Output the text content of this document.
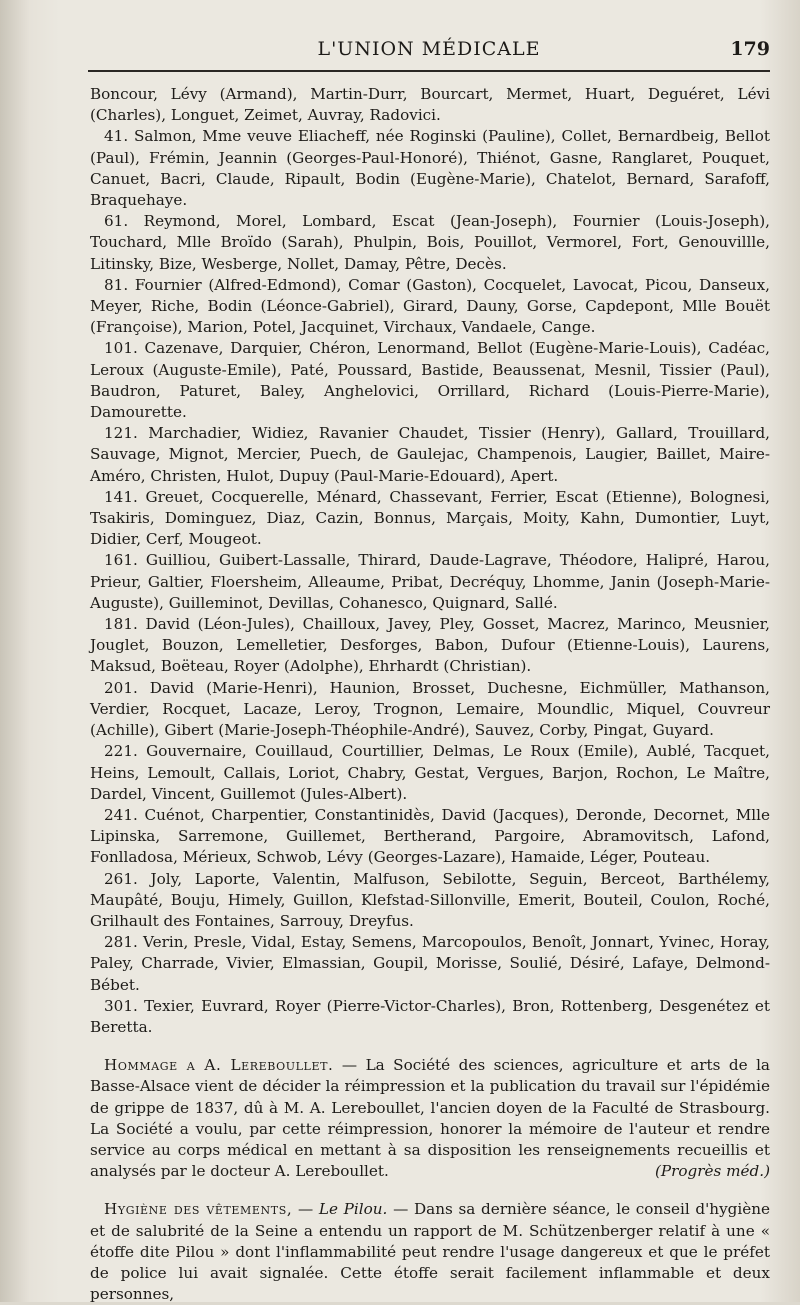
L'UNION MÉDICALE	179

Boncour, Lévy (Armand), Martin-Durr, Bourcart, Mermet, Huart, Deguéret, Lévi (Charles), Longuet, Zeimet, Auvray, Radovici.

41. Salmon, Mme veuve Eliacheff, née Roginski (Pauline), Collet, Bernardbeig, Bellot (Paul), Frémin, Jeannin (Georges-Paul-Honoré), Thiénot, Gasne, Ranglaret, Pouquet, Canuet, Bacri, Claude, Ripault, Bodin (Eugène-Marie), Chatelot, Bernard, Sarafoff, Braquehaye.

61. Reymond, Morel, Lombard, Escat (Jean-Joseph), Fournier (Louis-Joseph), Touchard, Mlle Broïdo (Sarah), Phulpin, Bois, Pouillot, Vermorel, Fort, Genouvillle, Litinsky, Bize, Wesberge, Nollet, Damay, Pêtre, Decès.

81. Fournier (Alfred-Edmond), Comar (Gaston), Cocquelet, Lavocat, Picou, Danseux, Meyer, Riche, Bodin (Léonce-Gabriel), Girard, Dauny, Gorse, Capdepont, Mlle Bouët (Françoise), Marion, Potel, Jacquinet, Virchaux, Vandaele, Cange.

101. Cazenave, Darquier, Chéron, Lenormand, Bellot (Eugène-Marie-Louis), Cadéac, Leroux (Auguste-Emile), Paté, Poussard, Bastide, Beaussenat, Mesnil, Tissier (Paul), Baudron, Paturet, Baley, Anghelovici, Orrillard, Richard (Louis-Pierre-Marie), Damourette.

121. Marchadier, Widiez, Ravanier Chaudet, Tissier (Henry), Gallard, Trouillard, Sauvage, Mignot, Mercier, Puech, de Gaulejac, Champenois, Laugier, Baillet, Maire-Améro, Christen, Hulot, Dupuy (Paul-Marie-Edouard), Apert.

141. Greuet, Cocquerelle, Ménard, Chassevant, Ferrier, Escat (Etienne), Bolognesi, Tsakiris, Dominguez, Diaz, Cazin, Bonnus, Marçais, Moity, Kahn, Dumontier, Luyt, Didier, Cerf, Mougeot.

161. Guilliou, Guibert-Lassalle, Thirard, Daude-Lagrave, Théodore, Halipré, Harou, Prieur, Galtier, Floersheim, Alleaume, Pribat, Decréquy, Lhomme, Janin (Joseph-Marie-Auguste), Guilleminot, Devillas, Cohanesco, Quignard, Sallé.

181. David (Léon-Jules), Chailloux, Javey, Pley, Gosset, Macrez, Marinco, Meusnier, Jouglet, Bouzon, Lemelletier, Desforges, Babon, Dufour (Etienne-Louis), Laurens, Maksud, Boëteau, Royer (Adolphe), Ehrhardt (Christian).

201. David (Marie-Henri), Haunion, Brosset, Duchesne, Eichmüller, Mathanson, Verdier, Rocquet, Lacaze, Leroy, Trognon, Lemaire, Moundlic, Miquel, Couvreur (Achille), Gibert (Marie-Joseph-Théophile-André), Sauvez, Corby, Pingat, Guyard.

221. Gouvernaire, Couillaud, Courtillier, Delmas, Le Roux (Emile), Aublé, Tacquet, Heins, Lemoult, Callais, Loriot, Chabry, Gestat, Vergues, Barjon, Rochon, Le Maître, Dardel, Vincent, Guillemot (Jules-Albert).

241. Cuénot, Charpentier, Constantinidès, David (Jacques), Deronde, Decornet, Mlle Lipinska, Sarremone, Guillemet, Bertherand, Pargoire, Abramovitsch, Lafond, Fonlladosa, Mérieux, Schwob, Lévy (Georges-Lazare), Hamaide, Léger, Pouteau.

261. Joly, Laporte, Valentin, Malfuson, Sebilotte, Seguin, Berceot, Barthélemy, Maupâté, Bouju, Himely, Guillon, Klefstad-Sillonville, Emerit, Bouteil, Coulon, Roché, Grilhault des Fontaines, Sarrouy, Dreyfus.

281. Verin, Presle, Vidal, Estay, Semens, Marcopoulos, Benoît, Jonnart, Yvinec, Horay, Paley, Charrade, Vivier, Elmassian, Goupil, Morisse, Soulié, Désiré, Lafaye, Delmond-Bébet.

301. Texier, Euvrard, Royer (Pierre-Victor-Charles), Bron, Rottenberg, Desgenétez et Beretta.

Hommage a A. Lereboullet. — La Société des sciences, agriculture et arts de la Basse-Alsace vient de décider la réimpression et la publication du travail sur l'épidémie de grippe de 1837, dû à M. A. Lereboullet, l'ancien doyen de la Faculté de Strasbourg. La Société a voulu, par cette réimpression, honorer la mémoire de l'auteur et rendre service au corps médical en mettant à sa disposition les renseignements recueillis et analysés par le docteur A. Lereboullet.	(Progrès méd.)

Hygiène des vêtements, — Le Pilou. — Dans sa dernière séance, le conseil d'hygiène et de salubrité de la Seine a entendu un rapport de M. Schützenberger relatif à une « étoffe dite Pilou » dont l'inflammabilité peut rendre l'usage dangereux et que le préfet de police lui avait signalée. Cette étoffe serait facilement inflammable et deux personnes,
